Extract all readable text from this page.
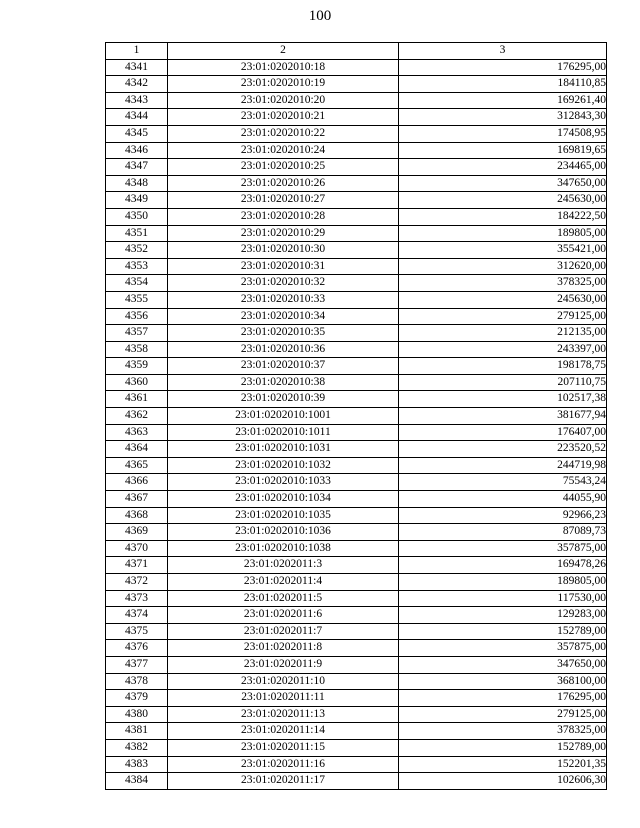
100
1	2	3
4341	23:01:0202010:18	176295,00
4342	23:01:0202010:19	184110,85
4343	23:01:0202010:20	169261,40
4344	23:01:0202010:21	312843,30
4345	23:01:0202010:22	174508,95
4346	23:01:0202010:24	169819,65
4347	23:01:0202010:25	234465,00
4348	23:01:0202010:26	347650,00
4349	23:01:0202010:27	245630,00
4350	23:01:0202010:28	184222,50
4351	23:01:0202010:29	189805,00
4352	23:01:0202010:30	355421,00
4353	23:01:0202010:31	312620,00
4354	23:01:0202010:32	378325,00
4355	23:01:0202010:33	245630,00
4356	23:01:0202010:34	279125,00
4357	23:01:0202010:35	212135,00
4358	23:01:0202010:36	243397,00
4359	23:01:0202010:37	198178,75
4360	23:01:0202010:38	207110,75
4361	23:01:0202010:39	102517,38
4362	23:01:0202010:1001	381677,94
4363	23:01:0202010:1011	176407,00
4364	23:01:0202010:1031	223520,52
4365	23:01:0202010:1032	244719,98
4366	23:01:0202010:1033	75543,24
4367	23:01:0202010:1034	44055,90
4368	23:01:0202010:1035	92966,23
4369	23:01:0202010:1036	87089,73
4370	23:01:0202010:1038	357875,00
4371	23:01:0202011:3	169478,26
4372	23:01:0202011:4	189805,00
4373	23:01:0202011:5	117530,00
4374	23:01:0202011:6	129283,00
4375	23:01:0202011:7	152789,00
4376	23:01:0202011:8	357875,00
4377	23:01:0202011:9	347650,00
4378	23:01:0202011:10	368100,00
4379	23:01:0202011:11	176295,00
4380	23:01:0202011:13	279125,00
4381	23:01:0202011:14	378325,00
4382	23:01:0202011:15	152789,00
4383	23:01:0202011:16	152201,35
4384	23:01:0202011:17	102606,30
